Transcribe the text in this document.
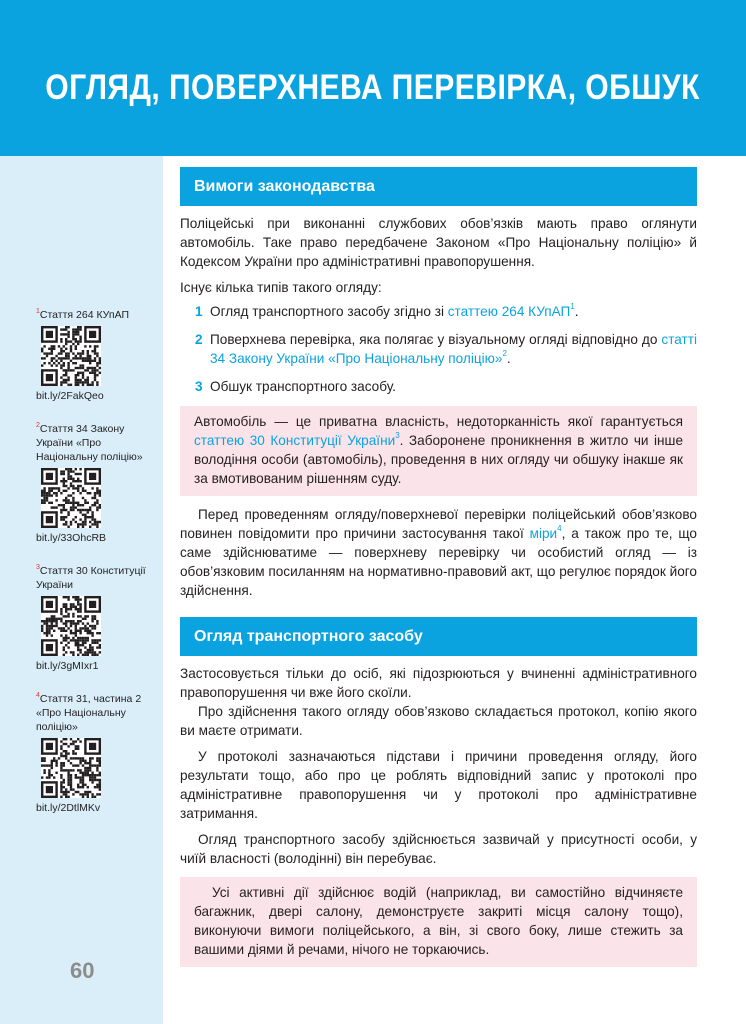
ОГЛЯД, ПОВЕРХНЕВА ПЕРЕВІРКА, ОБШУК
$^1$Стаття 264 КУпАП
bit.ly/2FakQeo
$^2$Стаття 34 Закону України «Про Національну поліцію»
bit.ly/33OhcRB
$^3$Стаття 30 Конституції України
bit.ly/3gMIxr1
$^4$Стаття 31, частина 2 «Про Національну поліцію»
bit.ly/2DtlMKv
60
Вимоги законодавства

Поліцейські при виконанні службових обов’язків мають право оглянути автомобіль. Таке право передбачене Законом «Про Національну поліцію» й Кодексом України про адміністративні правопорушення.

Існує кілька типів такого огляду:

1 Огляд транспортного засобу згідно зі статтею 264 КУпАП$^1$.
2 Поверхнева перевірка, яка полягає у візуальному огляді відповідно до статті 34 Закону України «Про Національну поліцію»$^2$.
3 Обшук транспортного засобу.

Автомобіль — це приватна власність, недоторканність якої гарантується статтею 30 Конституції України$^3$. Заборонене проникнення в житло чи інше володіння особи (автомобіль), проведення в них огляду чи обшуку інакше як за вмотивованим рішенням суду.

Перед проведенням огляду/поверхневої перевірки поліцейський обов’язково повинен повідомити про причини застосування такої міри$^4$, а також про те, що саме здійснюватиме — поверхневу перевірку чи особистий огляд — із обов’язковим посиланням на нормативно-правовий акт, що регулює порядок його здійснення.

Огляд транспортного засобу

Застосовується тільки до осіб, які підозрюються у вчиненні адміністративного правопорушення чи вже його скоїли.

Про здійснення такого огляду обов’язково складається протокол, копію якого ви маєте отримати.

У протоколі зазначаються підстави і причини проведення огляду, його результати тощо, або про це роблять відповідний запис у протоколі про адміністративне правопорушення чи у протоколі про адміністративне затримання.

Огляд транспортного засобу здійснюється зазвичай у присутності особи, у чиїй власності (володінні) він перебуває.

Усі активні дії здійснює водій (наприклад, ви самостійно відчиняєте багажник, двері салону, демонструєте закриті місця салону тощо), виконуючи вимоги поліцейського, а він, зі свого боку, лише стежить за вашими діями й речами, нічого не торкаючись.
